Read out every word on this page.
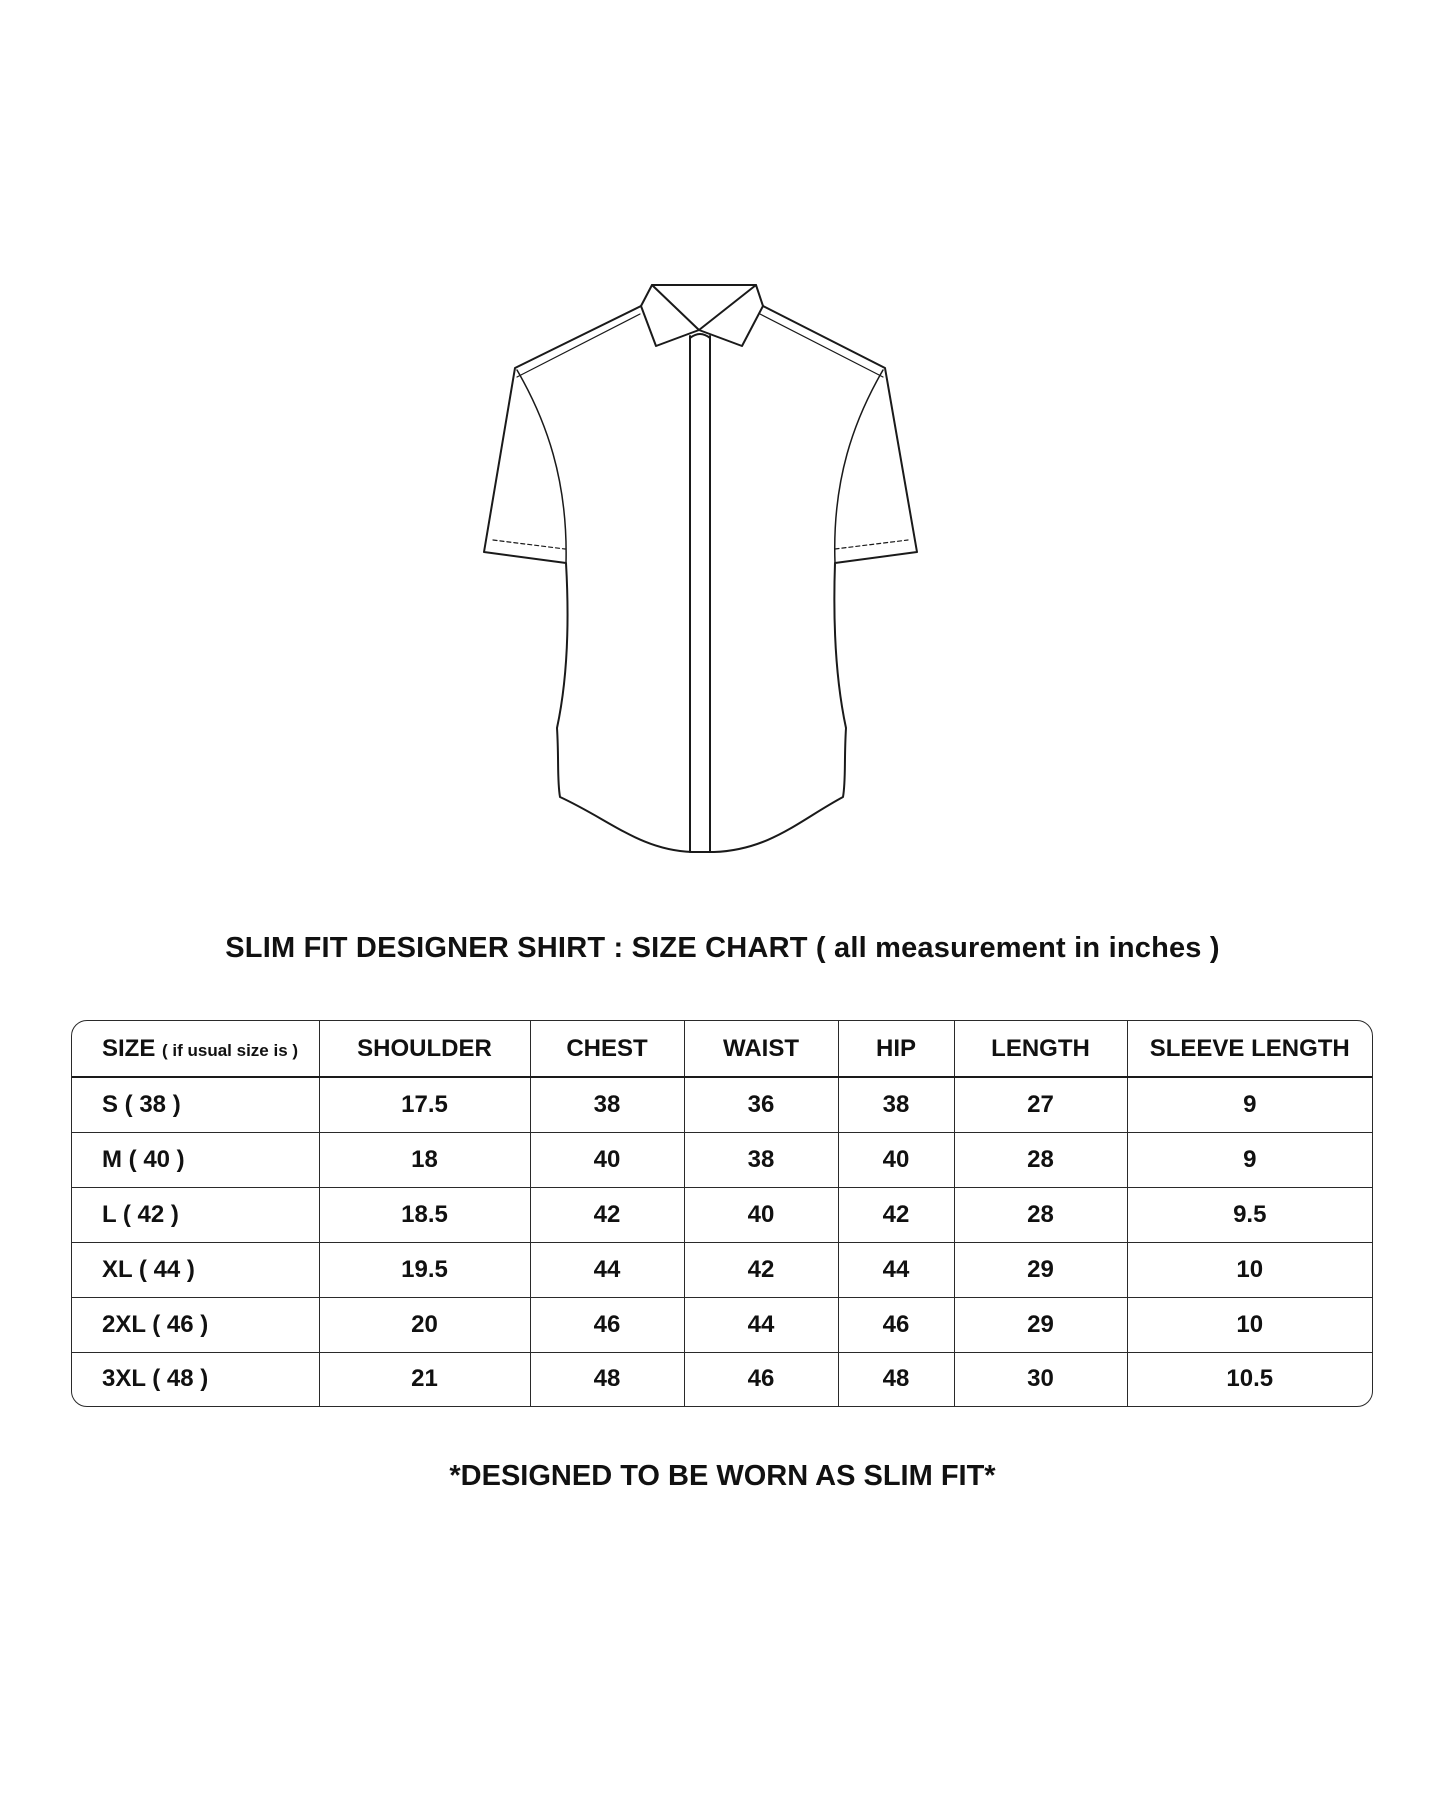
SLIM FIT DESIGNER SHIRT : SIZE CHART ( all measurement in inches )
SIZE ( if usual size is )	SHOULDER	CHEST	WAIST	HIP	LENGTH	SLEEVE LENGTH
S ( 38 )	17.5	38	36	38	27	9
M ( 40 )	18	40	38	40	28	9
L ( 42 )	18.5	42	40	42	28	9.5
XL ( 44 )	19.5	44	42	44	29	10
2XL ( 46 )	20	46	44	46	29	10
3XL ( 48 )	21	48	46	48	30	10.5
*DESIGNED TO BE WORN AS SLIM FIT*
